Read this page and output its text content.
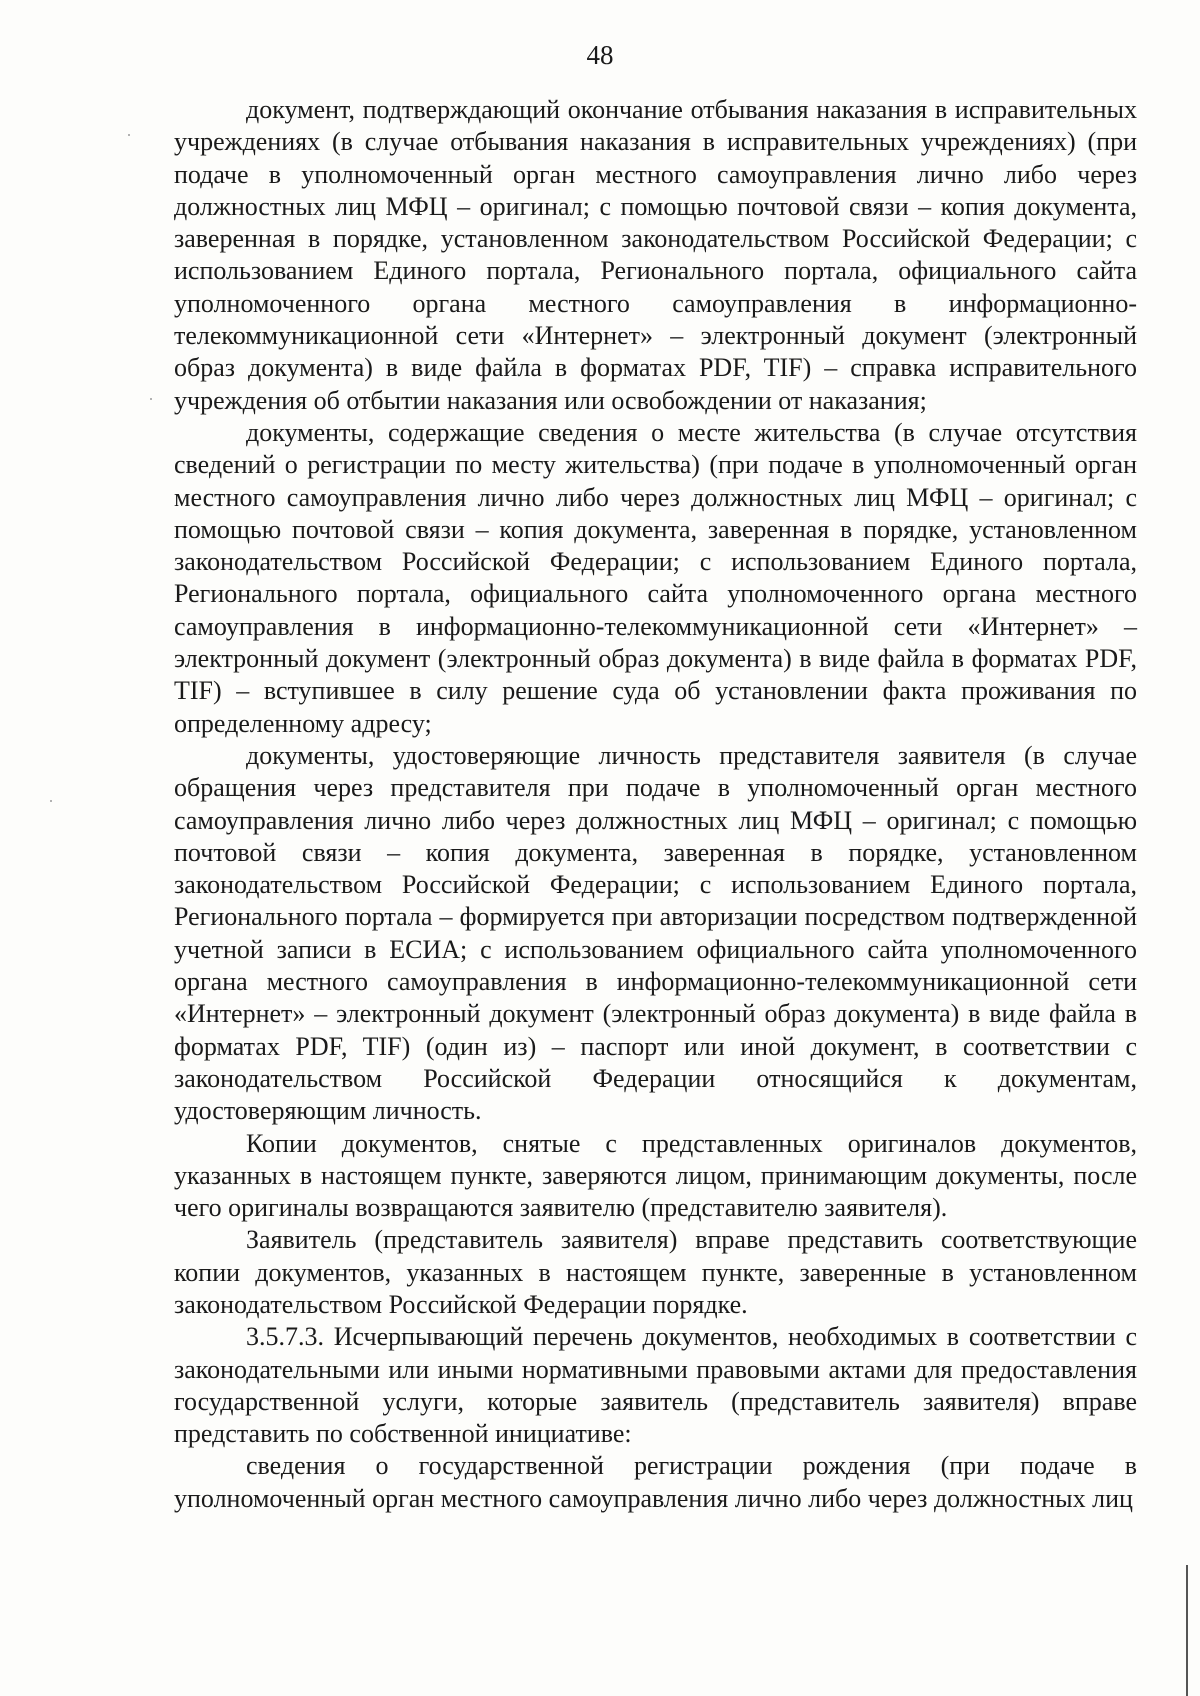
48

документ, подтверждающий окончание отбывания наказания в исправительных учреждениях (в случае отбывания наказания в исправительных учреждениях) (при подаче в уполномоченный орган местного самоуправления лично либо через должностных лиц МФЦ – оригинал; с помощью почтовой связи – копия документа, заверенная в порядке, установленном законодательством Российской Федерации; с использованием Единого портала, Регионального портала, официального сайта уполномоченного органа местного самоуправления в информационно-телекоммуникационной сети «Интернет» – электронный документ (электронный образ документа) в виде файла в форматах PDF, TIF) – справка исправительного учреждения об отбытии наказания или освобождении от наказания;

документы, содержащие сведения о месте жительства (в случае отсутствия сведений о регистрации по месту жительства) (при подаче в уполномоченный орган местного самоуправления лично либо через должностных лиц МФЦ – оригинал; с помощью почтовой связи – копия документа, заверенная в порядке, установленном законодательством Российской Федерации; с использованием Единого портала, Регионального портала, официального сайта уполномоченного органа местного самоуправления в информационно-телекоммуникационной сети «Интернет» – электронный документ (электронный образ документа) в виде файла в форматах PDF, TIF) – вступившее в силу решение суда об установлении факта проживания по определенному адресу;

документы, удостоверяющие личность представителя заявителя (в случае обращения через представителя при подаче в уполномоченный орган местного самоуправления лично либо через должностных лиц МФЦ – оригинал; с помощью почтовой связи – копия документа, заверенная в порядке, установленном законодательством Российской Федерации; с использованием Единого портала, Регионального портала – формируется при авторизации посредством подтвержденной учетной записи в ЕСИА; с использованием официального сайта уполномоченного органа местного самоуправления в информационно-телекоммуникационной сети «Интернет» – электронный документ (электронный образ документа) в виде файла в форматах PDF, TIF) (один из) – паспорт или иной документ, в соответствии с законодательством Российской Федерации относящийся к документам, удостоверяющим личность.

Копии документов, снятые с представленных оригиналов документов, указанных в настоящем пункте, заверяются лицом, принимающим документы, после чего оригиналы возвращаются заявителю (представителю заявителя).

Заявитель (представитель заявителя) вправе представить соответствующие копии документов, указанных в настоящем пункте, заверенные в установленном законодательством Российской Федерации порядке.

3.5.7.3. Исчерпывающий перечень документов, необходимых в соответствии с законодательными или иными нормативными правовыми актами для предоставления государственной услуги, которые заявитель (представитель заявителя) вправе представить по собственной инициативе:

сведения о государственной регистрации рождения (при подаче в уполномоченный орган местного самоуправления лично либо через должностных лиц
